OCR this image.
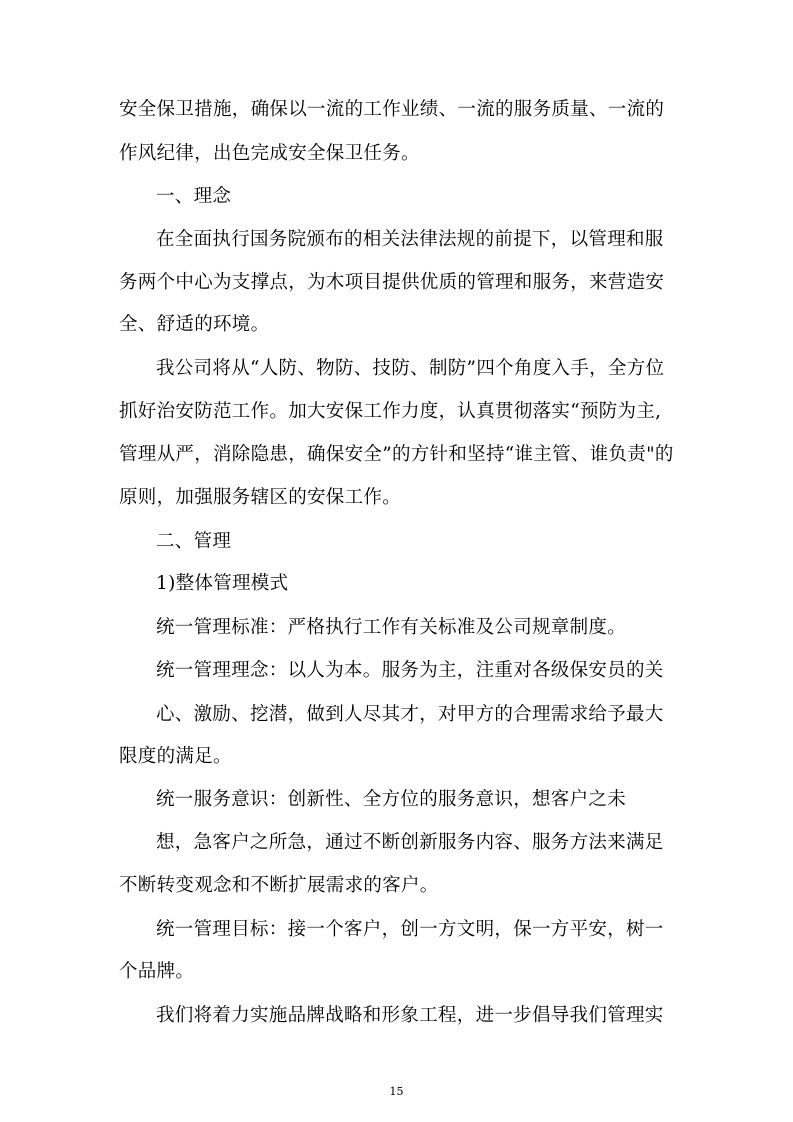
安全保卫措施，确保以一流的工作业绩、一流的服务质量、一流的
作风纪律，出色完成安全保卫任务。
一、理念
在全面执行国务院颁布的相关法律法规的前提下，以管理和服
务两个中心为支撑点，为木项目提供优质的管理和服务，来营造安
全、舒适的环境。
我公司将从“人防、物防、技防、制防”四个角度入手，全方位
抓好治安防范工作。加大安保工作力度，认真贯彻落实“预防为主,
管理从严，消除隐患，确保安全”的方针和坚持“谁主管、谁负责"的
原则，加强服务辖区的安保工作。
二、管理
1)整体管理模式
统一管理标准：严格执行工作有关标准及公司规章制度。
统一管理理念：以人为本。服务为主，注重对各级保安员的关
心、激励、挖潜，做到人尽其才，对甲方的合理需求给予最大
限度的满足。
统一服务意识：创新性、全方位的服务意识，想客户之未
想，急客户之所急，通过不断创新服务内容、服务方法来满足
不断转变观念和不断扩展需求的客户。
统一管理目标：接一个客户，创一方文明，保一方平安，树一
个品牌。
我们将着力实施品牌战略和形象工程，进一步倡导我们管理实
15
